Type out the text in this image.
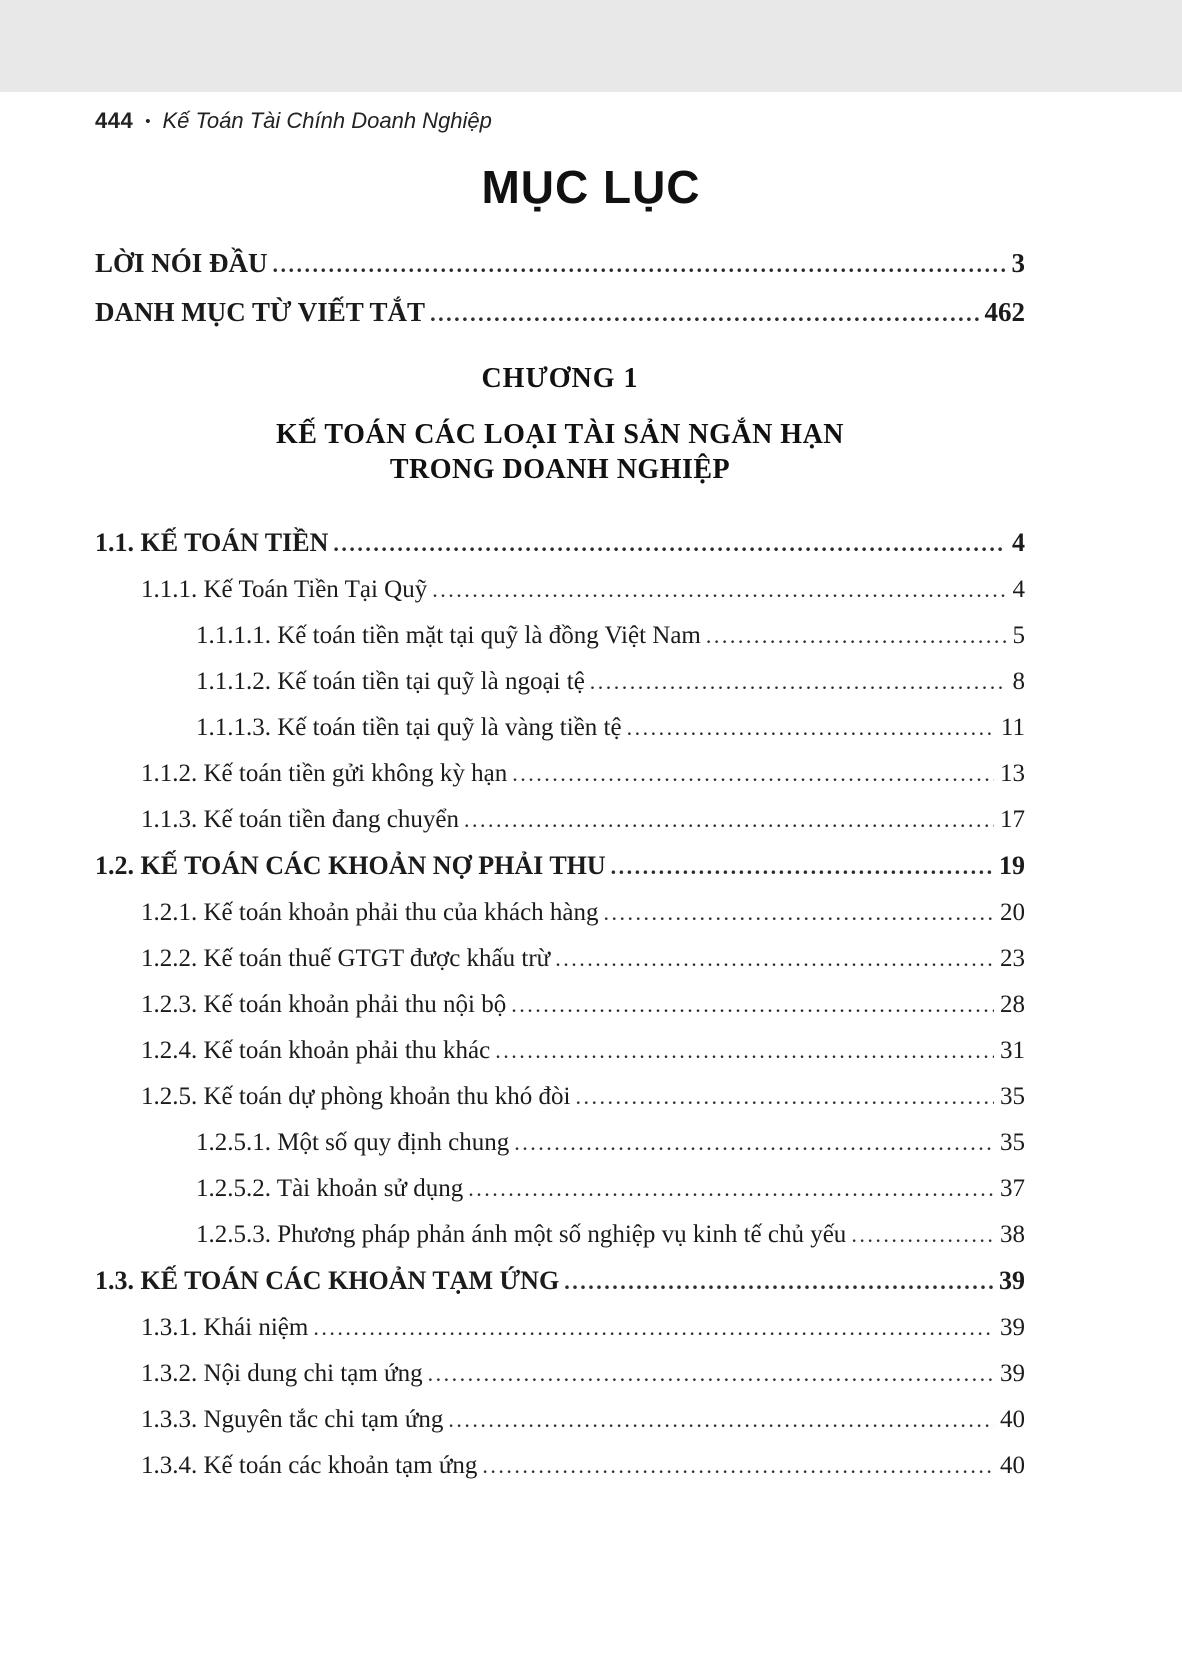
444 • Kế Toán Tài Chính Doanh Nghiệp
MỤC LỤC
LỜI NÓI ĐẦU .....	3
DANH MỤC TỪ VIẾT TẮT .....	462
CHƯƠNG 1
KẾ TOÁN CÁC LOẠI TÀI SẢN NGẮN HẠN
TRONG DOANH NGHIỆP
1.1. KẾ TOÁN TIỀN .....	4
1.1.1. Kế Toán Tiền Tại Quỹ .....	4
1.1.1.1. Kế toán tiền mặt tại quỹ là đồng Việt Nam .....	5
1.1.1.2. Kế toán tiền tại quỹ là ngoại tệ .....	8
1.1.1.3. Kế toán tiền tại quỹ là vàng tiền tệ .....	11
1.1.2. Kế toán tiền gửi không kỳ hạn .....	13
1.1.3. Kế toán tiền đang chuyển .....	17
1.2. KẾ TOÁN CÁC KHOẢN NỢ PHẢI THU .....	19
1.2.1. Kế toán khoản phải thu của khách hàng .....	20
1.2.2. Kế toán thuế GTGT được khấu trừ .....	23
1.2.3. Kế toán khoản phải thu nội bộ .....	28
1.2.4. Kế toán khoản phải thu khác .....	31
1.2.5. Kế toán dự phòng khoản thu khó đòi .....	35
1.2.5.1. Một số quy định chung .....	35
1.2.5.2. Tài khoản sử dụng .....	37
1.2.5.3. Phương pháp phản ánh một số nghiệp vụ kinh tế chủ yếu .....	38
1.3. KẾ TOÁN CÁC KHOẢN TẠM ỨNG .....	39
1.3.1. Khái niệm .....	39
1.3.2. Nội dung chi tạm ứng .....	39
1.3.3. Nguyên tắc chi tạm ứng .....	40
1.3.4. Kế toán các khoản tạm ứng .....	40
